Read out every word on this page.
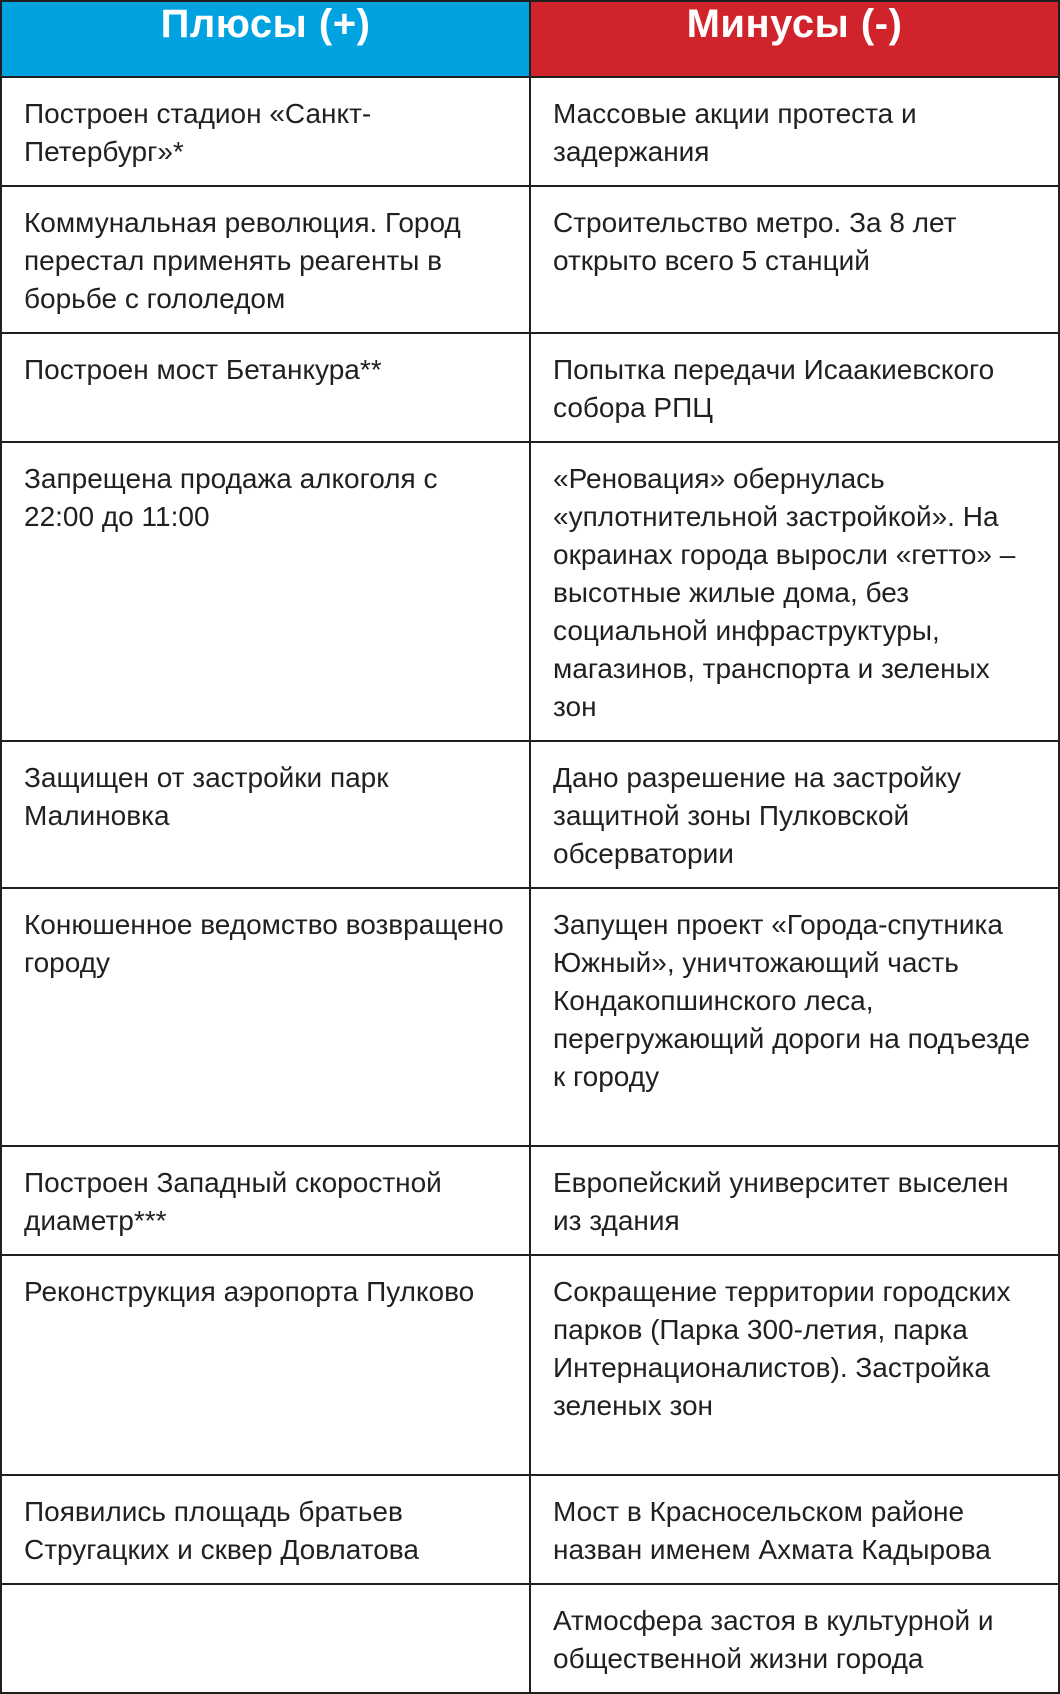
Плюсы (+)	Минусы (-)
Построен стадион «Санкт-Петербург»*	Массовые акции протеста и задержания
Коммунальная революция. Город перестал применять реагенты в борьбе с гололедом	Строительство метро. За 8 лет открыто всего 5 станций
Построен мост Бетанкура**	Попытка передачи Исаакиевского собора РПЦ
Запрещена продажа алкоголя с 22:00 до 11:00	«Реновация» обернулась «уплотнительной застройкой». На окраинах города выросли «гетто» – высотные жилые дома, без социальной инфраструктуры, магазинов, транспорта и зеленых зон
Защищен от застройки парк Малиновка	Дано разрешение на застройку защитной зоны Пулковской обсерватории
Конюшенное ведомство возвращено городу	Запущен проект «Города-спутника Южный», уничтожающий часть Кондакопшинского леса, перегружающий дороги на подъезде к городу
Построен Западный скоростной диаметр***	Европейский университет выселен из здания
Реконструкция аэропорта Пулково	Сокращение территории городских парков (Парка 300-летия, парка Интернационалистов). Застройка зеленых зон
Появились площадь братьев Стругацких и сквер Довлатова	Мост в Красносельском районе назван именем Ахмата Кадырова
	Атмосфера застоя в культурной и общественной жизни города
